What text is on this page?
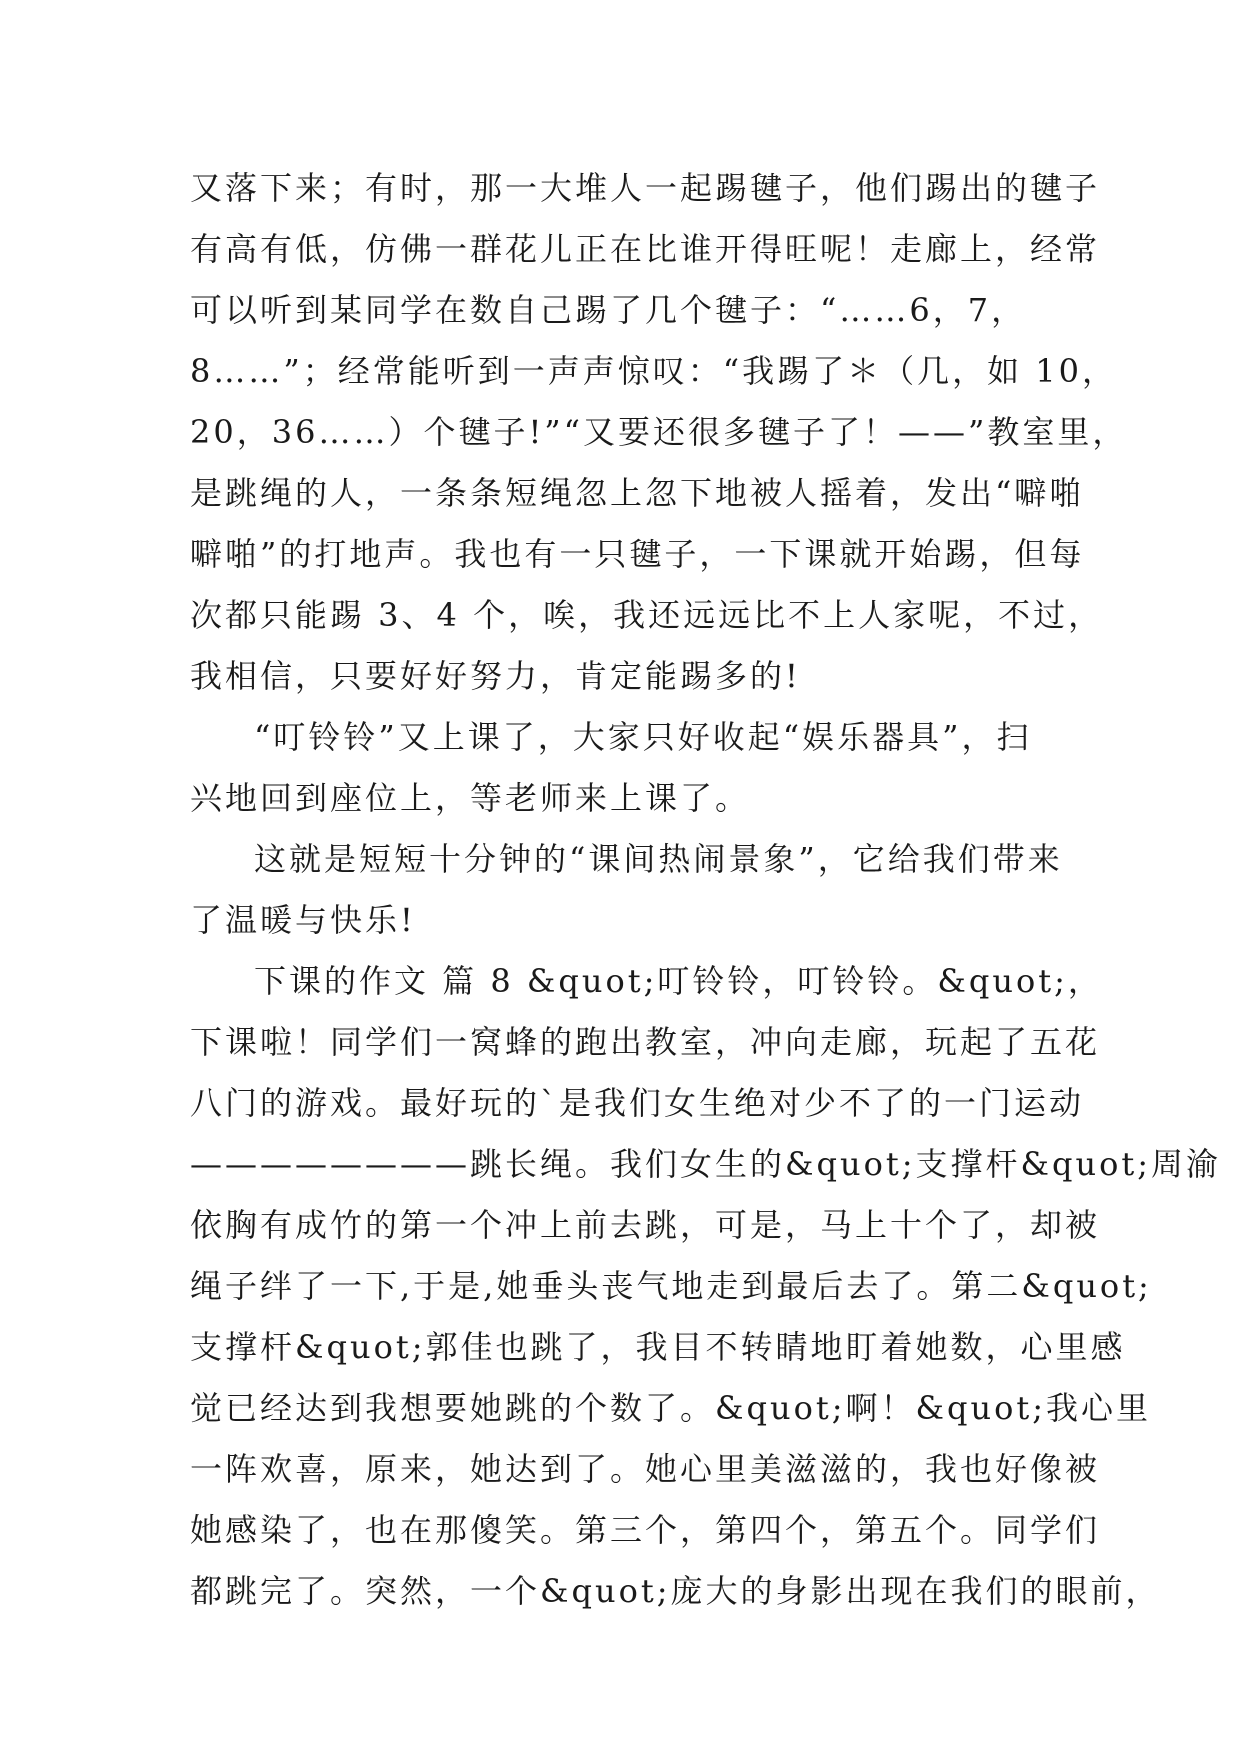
又落下来；有时，那一大堆人一起踢毽子，他们踢出的毽子
有高有低，仿佛一群花儿正在比谁开得旺呢！走廊上，经常
可以听到某同学在数自己踢了几个毽子：“……6，7，
8……”；经常能听到一声声惊叹：“我踢了＊（几，如 10，
20，36……）个毽子!”“又要还很多毽子了！——”教室里，
是跳绳的人，一条条短绳忽上忽下地被人摇着，发出“噼啪
噼啪”的打地声。我也有一只毽子，一下课就开始踢，但每
次都只能踢 3、4 个，唉，我还远远比不上人家呢，不过，
我相信，只要好好努力，肯定能踢多的!
“叮铃铃”又上课了，大家只好收起“娱乐器具”，扫
兴地回到座位上，等老师来上课了。
这就是短短十分钟的“课间热闹景象”，它给我们带来
了温暖与快乐!
下课的作文 篇 8 &quot;叮铃铃，叮铃铃。&quot;，
下课啦！同学们一窝蜂的跑出教室，冲向走廊，玩起了五花
八门的游戏。最好玩的`是我们女生绝对少不了的一门运动
————————跳长绳。我们女生的&quot;支撑杆&quot;周渝
依胸有成竹的第一个冲上前去跳，可是，马上十个了，却被
绳子绊了一下,于是,她垂头丧气地走到最后去了。第二&quot;
支撑杆&quot;郭佳也跳了，我目不转睛地盯着她数，心里感
觉已经达到我想要她跳的个数了。&quot;啊！&quot;我心里
一阵欢喜，原来，她达到了。她心里美滋滋的，我也好像被
她感染了，也在那傻笑。第三个，第四个，第五个。同学们
都跳完了。突然，一个&quot;庞大的身影出现在我们的眼前，
